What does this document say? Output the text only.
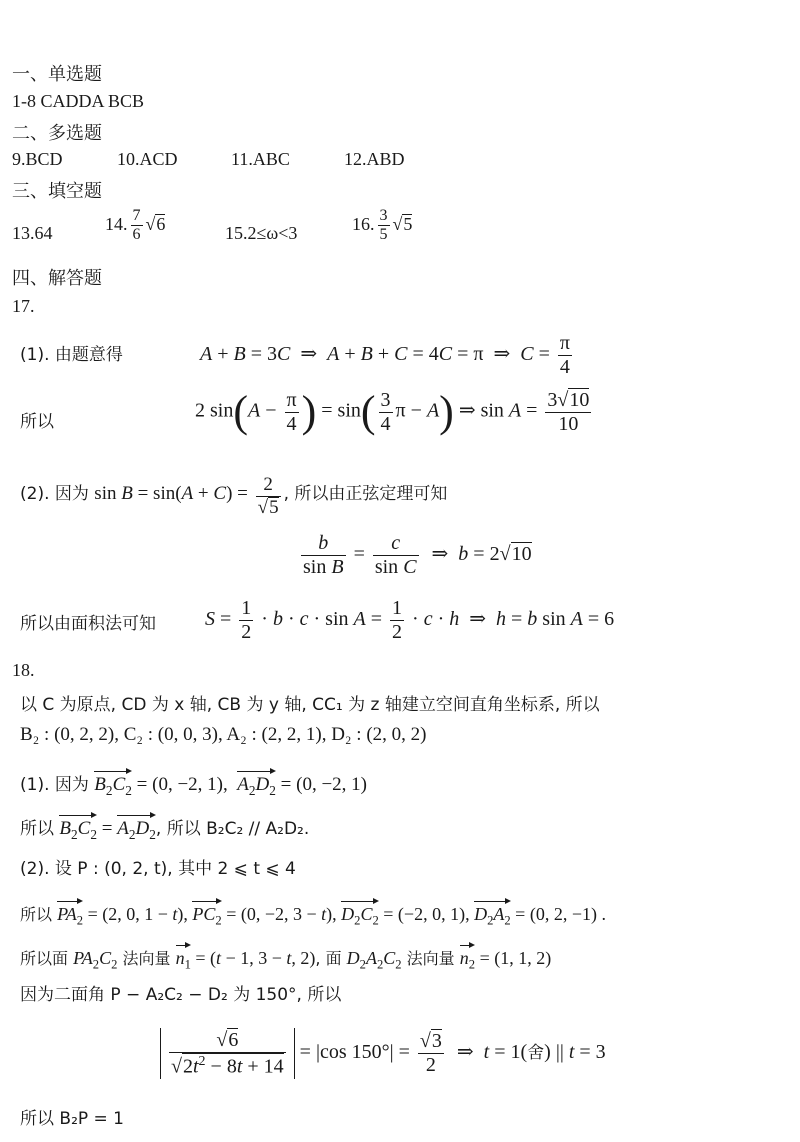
一、单选题
1-8 CADDA BCB
二、多选题
9.BCD	10.ACD	11.ABC	12.ABD
三、填空题
13.64	14. $\frac{7}{6} √6$	15.2≤ω<3	16. $\frac{3}{5} √5$
四、解答题
17.
(1). 由题意得	A + B = 3C  ⇒  A + B + C = 4C = π  ⇒  $C = \frac{\pi}{4}$
所以
2 $\sin(A - \frac{\pi}{4}$ ) = $\sin( \frac{3}{4}$ π − A) ⇒ $\sin A = \frac{3√10}{10}$
(2). 因为 $\sin B = \sin(A + C) = \frac{2}{√5}$ , 所以由正弦定理可知
$\frac{b}{\text{sin B}} = \frac{c}{\text{sin C}}$ ⇒  b = 2√10
所以由面积法可知 $S = \frac{1}{2} \cdot b \cdot c \cdot \sin A = \frac{1}{2} \cdot c \cdot h$  ⇒  h = b sin A = 6
18.
以 C 为原点, CD 为 x 轴, CB 为 y 轴, CC₁ 为 z 轴建立空间直角坐标系, 所以
B₂ : (0, 2, 2), C₂ : (0, 0, 3), A₂ : (2, 2, 1), D₂ : (2, 0, 2)
(1). 因为 $B_2C_2 = (0$, −2, 1),  $A_2D_2 = (0$, −2, 1)
所以 $B_2C_2 = A_2D_2$, 所以 B₂C₂ // A₂D₂.
(2). 设 P : (0, 2, t), 其中 2 ⩽ t ⩽ 4
所以 $PA_2 = (2$, 0, 1 − t), $PC_2 = (0$, −2, 3 − t), $D_2C_2 = (-2$, 0, 1), $D_2A_2 = (0$, 2, −1) .
所以面 $PA_2C_2$ 法向量 $n_1 = (t - 1$, 3 − t, 2), 面 $D_2A_2C_2$ 法向量 $n_2 = (1$, 1, 2)
因为二面角 P − A₂C₂ − D₂ 为 150°, 所以
$\frac{√6}{√2t^2 - 8t + 14} = |\cos$ $150^\circ| = \frac{√3}{2}$ ⇒  t = 1(舍) || t = 3
所以 B₂P = 1
